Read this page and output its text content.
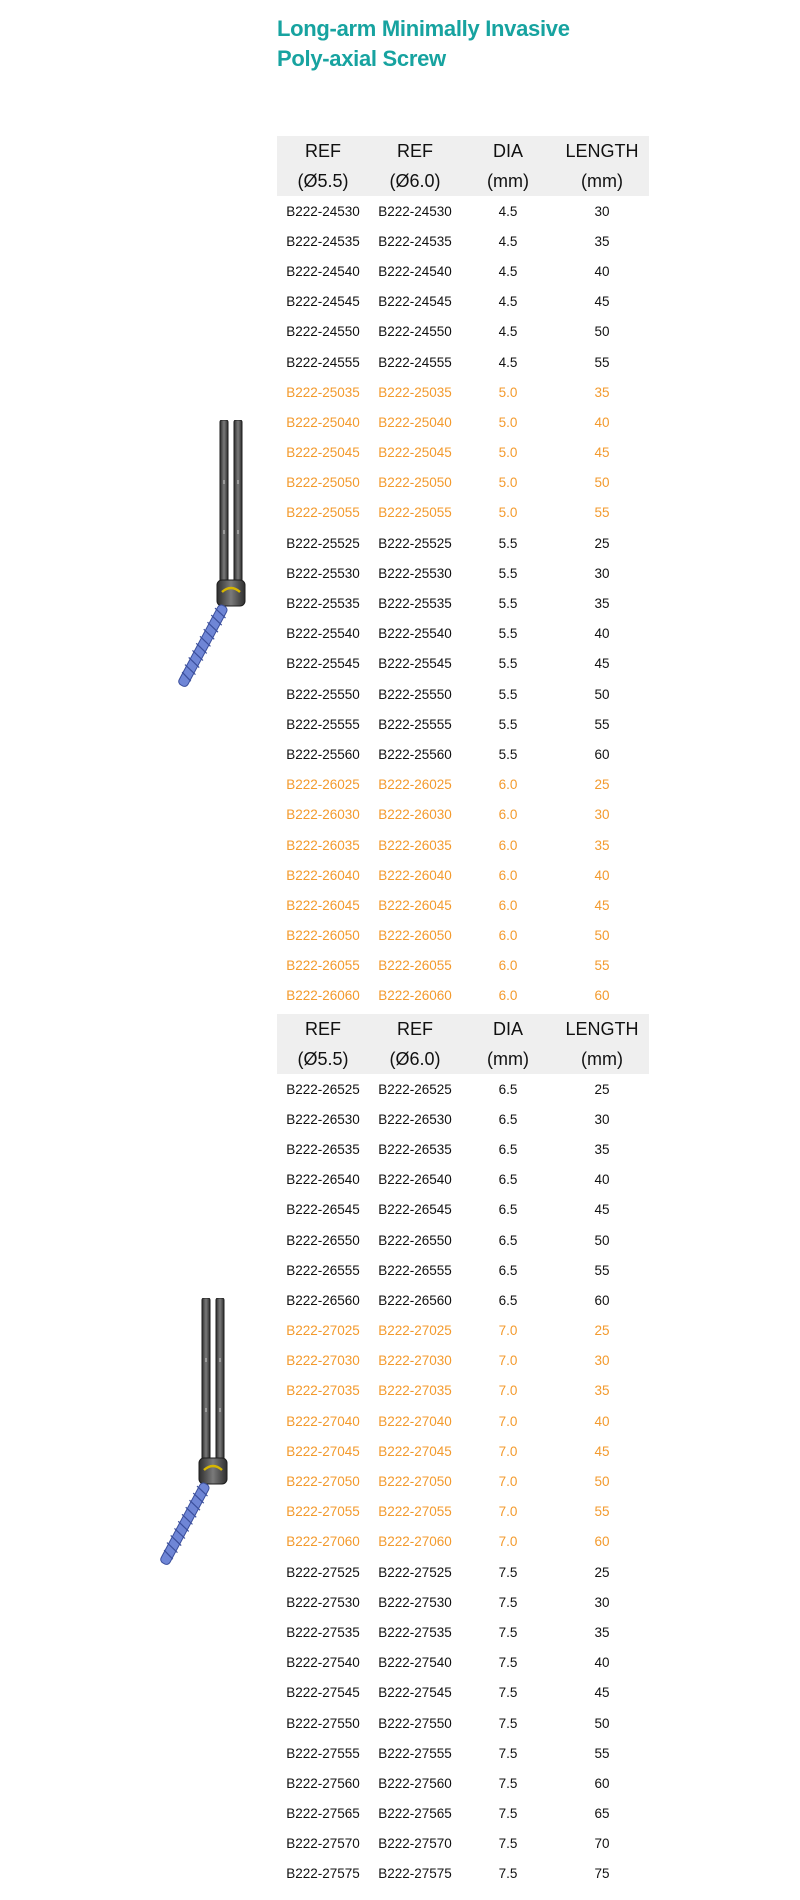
Long-arm Minimally Invasive
Poly-axial Screw
REF	REF	DIA	LENGTH
(Ø5.5)	(Ø6.0)	(mm)	(mm)
B222-24530	B222-24530	4.5	30
B222-24535	B222-24535	4.5	35
B222-24540	B222-24540	4.5	40
B222-24545	B222-24545	4.5	45
B222-24550	B222-24550	4.5	50
B222-24555	B222-24555	4.5	55
B222-25035	B222-25035	5.0	35
B222-25040	B222-25040	5.0	40
B222-25045	B222-25045	5.0	45
B222-25050	B222-25050	5.0	50
B222-25055	B222-25055	5.0	55
B222-25525	B222-25525	5.5	25
B222-25530	B222-25530	5.5	30
B222-25535	B222-25535	5.5	35
B222-25540	B222-25540	5.5	40
B222-25545	B222-25545	5.5	45
B222-25550	B222-25550	5.5	50
B222-25555	B222-25555	5.5	55
B222-25560	B222-25560	5.5	60
B222-26025	B222-26025	6.0	25
B222-26030	B222-26030	6.0	30
B222-26035	B222-26035	6.0	35
B222-26040	B222-26040	6.0	40
B222-26045	B222-26045	6.0	45
B222-26050	B222-26050	6.0	50
B222-26055	B222-26055	6.0	55
B222-26060	B222-26060	6.0	60
REF	REF	DIA	LENGTH
(Ø5.5)	(Ø6.0)	(mm)	(mm)
B222-26525	B222-26525	6.5	25
B222-26530	B222-26530	6.5	30
B222-26535	B222-26535	6.5	35
B222-26540	B222-26540	6.5	40
B222-26545	B222-26545	6.5	45
B222-26550	B222-26550	6.5	50
B222-26555	B222-26555	6.5	55
B222-26560	B222-26560	6.5	60
B222-27025	B222-27025	7.0	25
B222-27030	B222-27030	7.0	30
B222-27035	B222-27035	7.0	35
B222-27040	B222-27040	7.0	40
B222-27045	B222-27045	7.0	45
B222-27050	B222-27050	7.0	50
B222-27055	B222-27055	7.0	55
B222-27060	B222-27060	7.0	60
B222-27525	B222-27525	7.5	25
B222-27530	B222-27530	7.5	30
B222-27535	B222-27535	7.5	35
B222-27540	B222-27540	7.5	40
B222-27545	B222-27545	7.5	45
B222-27550	B222-27550	7.5	50
B222-27555	B222-27555	7.5	55
B222-27560	B222-27560	7.5	60
B222-27565	B222-27565	7.5	65
B222-27570	B222-27570	7.5	70
B222-27575	B222-27575	7.5	75
